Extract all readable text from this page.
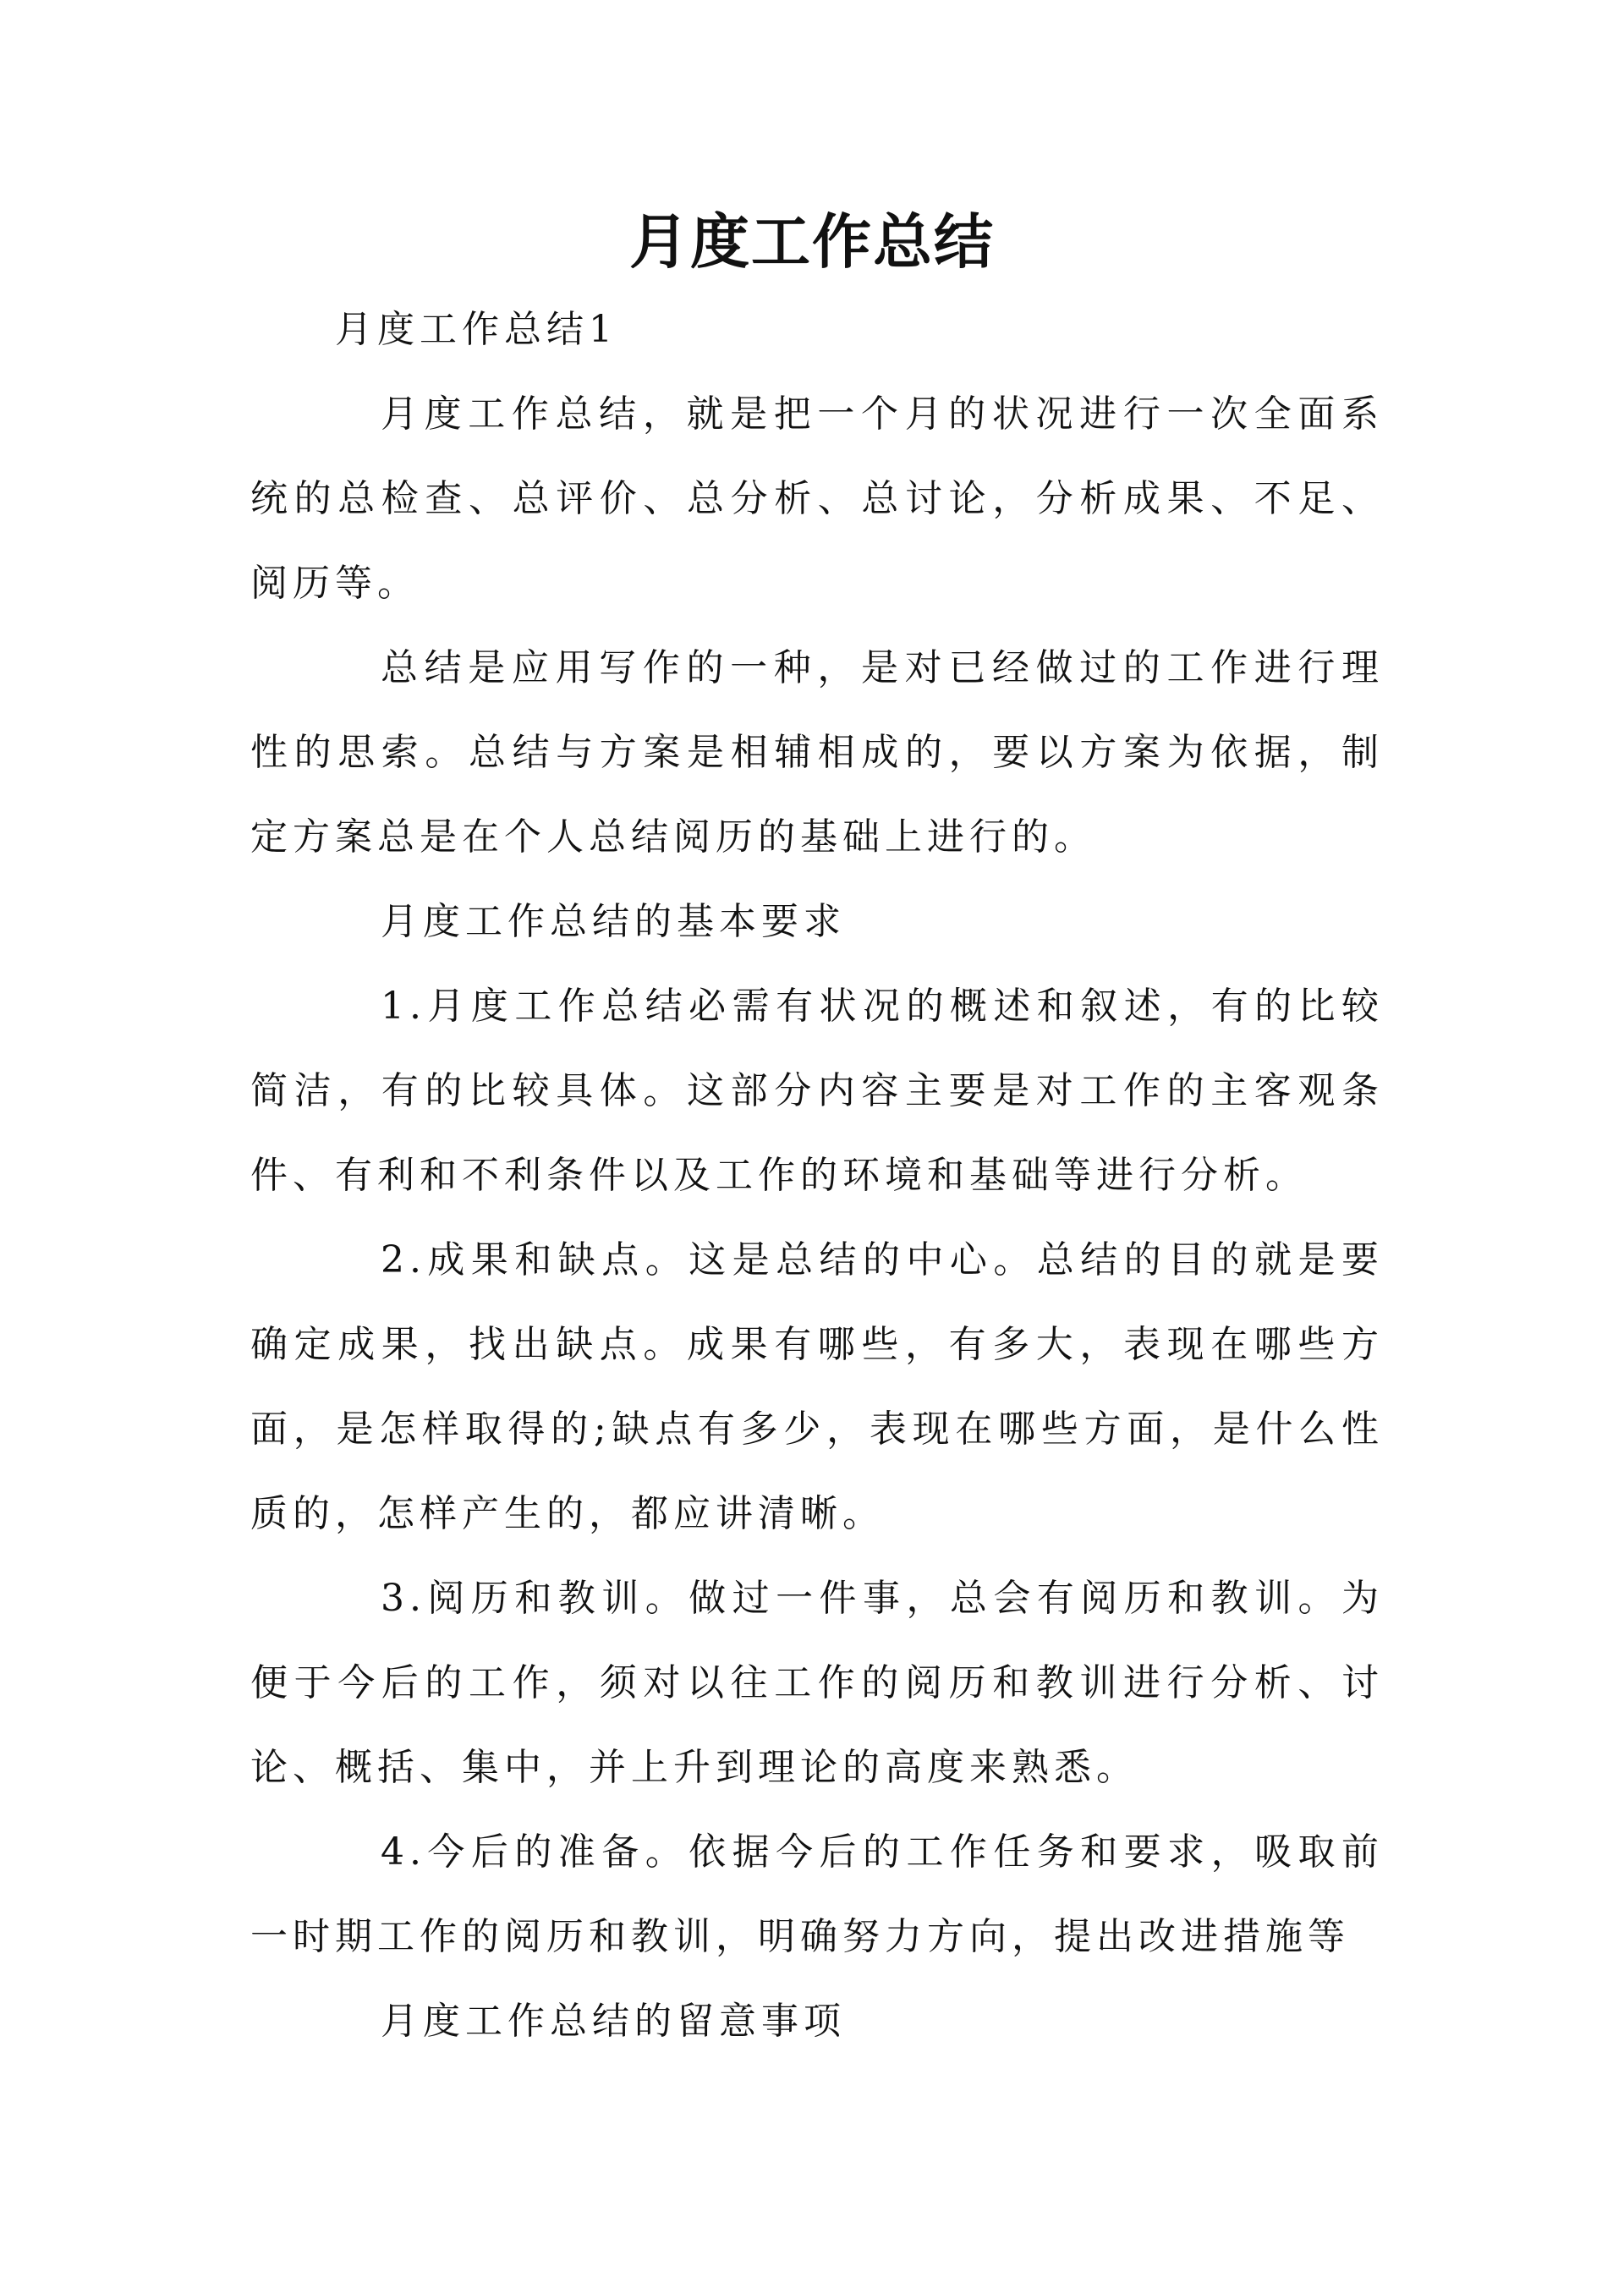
月度工作总结

月度工作总结1

月度工作总结，就是把一个月的状况进行一次全面系统的总检查、总评价、总分析、总讨论，分析成果、不足、阅历等。

总结是应用写作的一种，是对已经做过的工作进行理性的思索。总结与方案是相辅相成的，要以方案为依据，制定方案总是在个人总结阅历的基础上进行的。

月度工作总结的基本要求

1.月度工作总结必需有状况的概述和叙述，有的比较简洁，有的比较具体。这部分内容主要是对工作的主客观条件、有利和不利条件以及工作的环境和基础等进行分析。

2.成果和缺点。这是总结的中心。总结的目的就是要确定成果，找出缺点。成果有哪些，有多大，表现在哪些方面，是怎样取得的;缺点有多少，表现在哪些方面，是什么性质的，怎样产生的，都应讲清晰。

3.阅历和教训。做过一件事，总会有阅历和教训。为便于今后的工作，须对以往工作的阅历和教训进行分析、讨论、概括、集中，并上升到理论的高度来熟悉。

4.今后的准备。依据今后的工作任务和要求，吸取前一时期工作的阅历和教训，明确努力方向，提出改进措施等

月度工作总结的留意事项
